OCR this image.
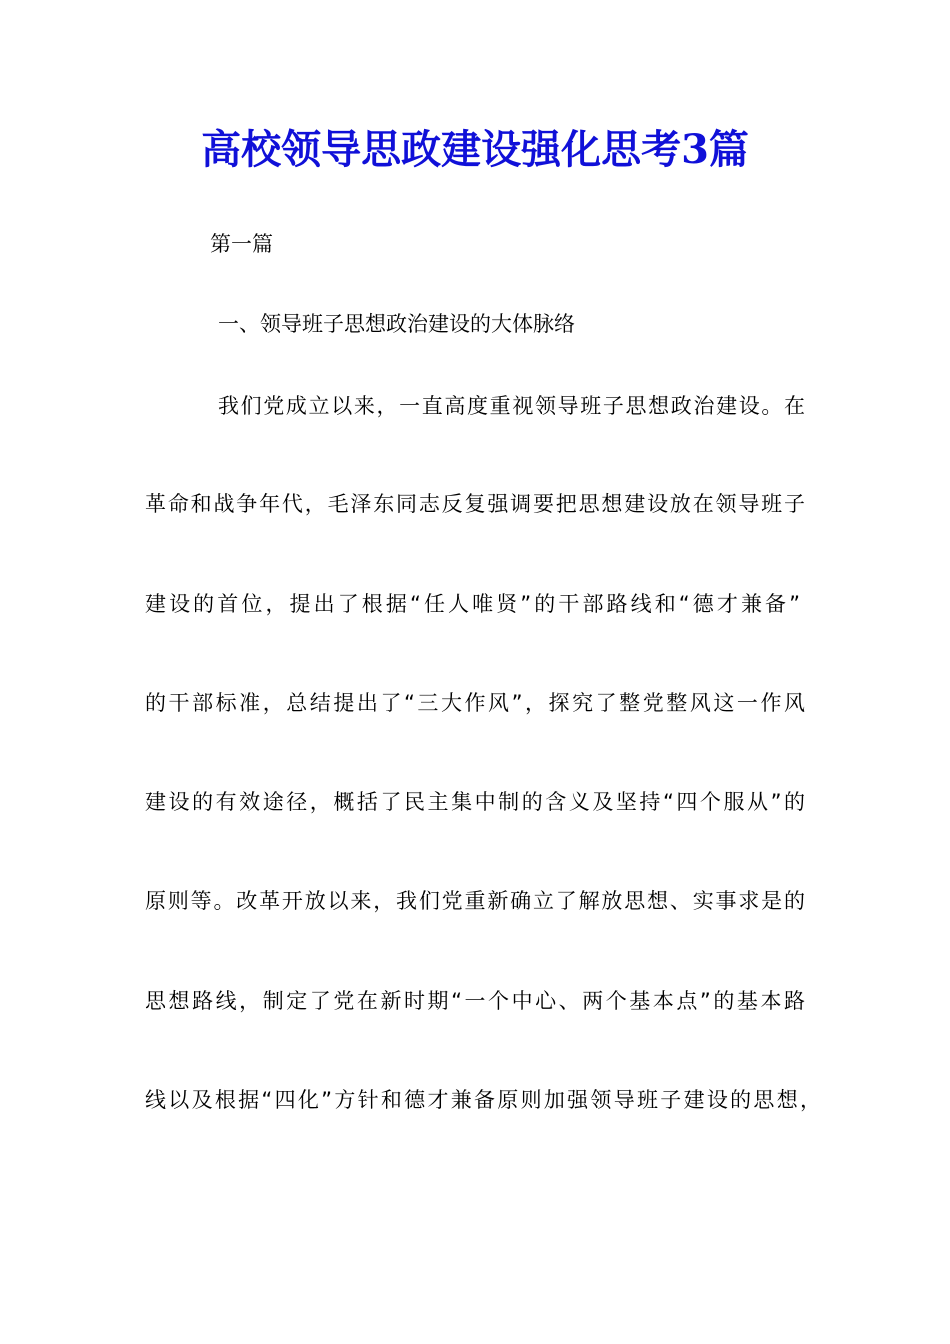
高校领导思政建设强化思考3篇
第一篇
一、领导班子思想政治建设的大体脉络
我们党成立以来，一直高度重视领导班子思想政治建设。在
革命和战争年代，毛泽东同志反复强调要把思想建设放在领导班子
建设的首位，提出了根据“任人唯贤”的干部路线和“德才兼备”
的干部标准，总结提出了“三大作风”，探究了整党整风这一作风
建设的有效途径，概括了民主集中制的含义及坚持“四个服从”的
原则等。改革开放以来，我们党重新确立了解放思想、实事求是的
思想路线，制定了党在新时期“一个中心、两个基本点”的基本路
线以及根据“四化”方针和德才兼备原则加强领导班子建设的思想，
